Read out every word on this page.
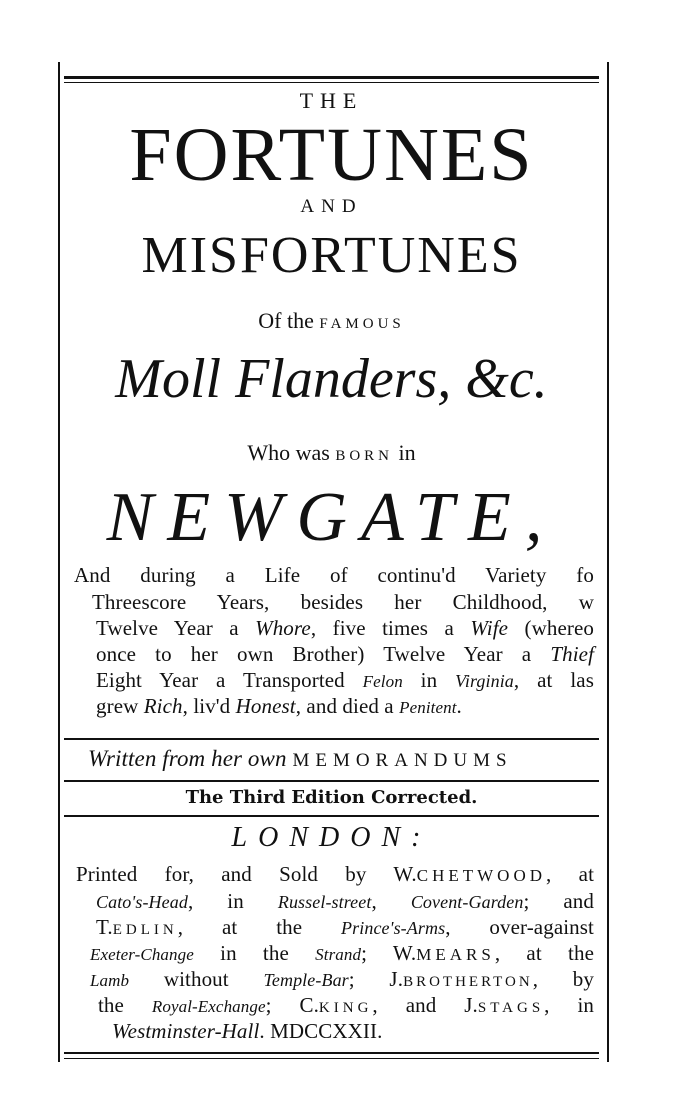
THE
FORTUNES
AND
MISFORTUNES
Of the FAMOUS
Moll Flanders, &c.
Who was BORN in
NEWGATE,
And during a Life of continu'd Variety fo
Threescore Years, besides her Childhood, w
Twelve Year a Whore, five times a Wife (whereo
once to her own Brother) Twelve Year a Thief
Eight Year a Transported Felon in Virginia, at las
grew Rich, liv'd Honest, and died a Penitent.
Written from her own MEMORANDUMS
The Third Edition Corrected.
LONDON:
Printed for, and Sold by W.CHETWOOD, at
Cato's-Head, in Russel-street, Covent-Garden; and
T.EDLIN, at the Prince's-Arms, over-against
Exeter-Change in the Strand; W.MEARS, at the
Lamb without Temple-Bar; J.BROTHERTON, by
the Royal-Exchange; C.KING, and J.STAGS, in
Westminster-Hall. MDCCXXII.
